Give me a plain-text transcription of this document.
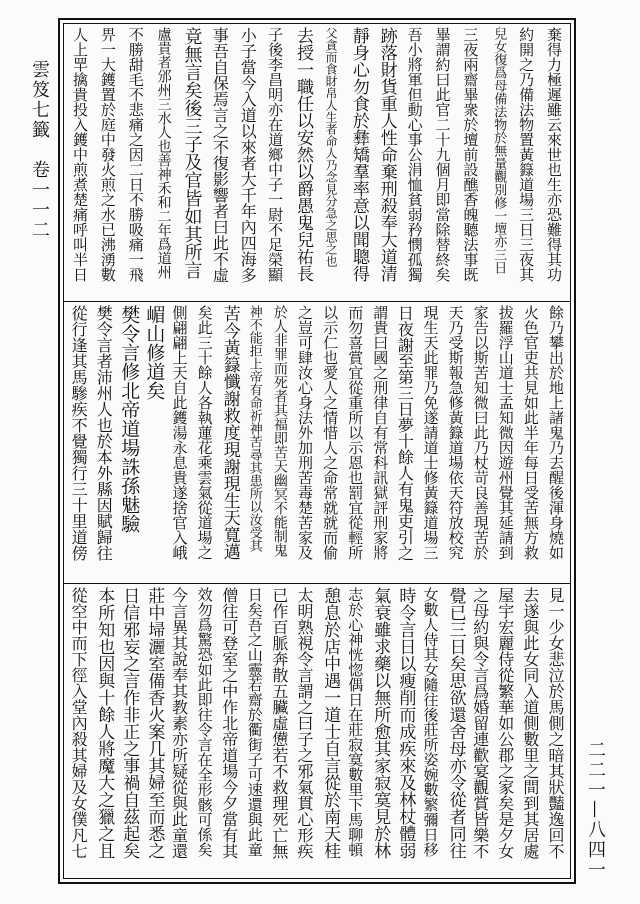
雲笈七籤　卷一一二
二二一—八四一
棄得力極遲雖云來世也生亦恐難得其功
約開之乃備法物置黃籙道場三日三夜其
兒女復爲母備法物於無量觀別修一壇亦三日
三夜兩齋畢衆於壇前設醮香魄聽法事既
畢謂約曰此官二十九個月即當除替終矣
吾小將軍但動心事公涓恤貧弱矜憫孤獨
跡落財貨重人性命棄刑殺奉大道清
靜身心勿食於彝矯羣率意以聞聰得
父貪而食財帛人生者命人乃念見分急之思之也
去授一職任以安然以爵愚鬼兒祐長
子後李昌明亦在道鄉中子一尉不足榮顯
小子當今入道以來者大千年內四海多
事吾自保焉言之不復影響者曰此不虛
竟無言矣後三子及官皆如其所言
盧貴者邠州三水人也善神禾和二年爲道州
不勝甜毛不悲痛之因二日不勝吸痛一飛
畀一大鑊置於庭中發火煎之水已沸湧數
人上䍐擒貴投入鑊中煎煮楚痛呼叫半日
餘乃攀出於地上諸鬼乃去醒後渾身燒如
火色官吏共見如此半年每日受苦無方救
拔羅浮山道士孟知微因遊州覺其延請到
家告以斯苦知微曰此乃杖苛良善現苦於
天乃受斯報急修黃籙道場依天符放校究
現生天此罪乃免遂請道士修黃籙道場三
日夜謝至第三日夢十餘人有鬼吏引之
謂貴曰國之刑律自有常科訊獄評刑家將
而勿喜賞宜從重所以示恩也罰宜從輕所
以示仁也愛人之情惜人之命常就就而偷
之豈可肆汝心身法外加刑苦毒楚苦家及
於人非罪而死者其福即苦天幽冥不能制鬼
神不能拒上帝有命祈神苦尋其患所以汝受其
苦今黃籙懺謝救度現謝現生天寬邁
矣此三十餘人各執蓮花乘雲氣從道場之
側翩翩上天自此鑊湯永息貴遂捨官入峨
嵋山修道矣
樊令言修北帝道場誅孫魅驗
樊令言者沛州人也於本外縣因賦歸往
從行逢其馬驂疾不覺獨行三十里道傍
見一少女悲泣於馬側之暗其狀豔逸回不
去遂與此女同入道側數里之間到其居處
屋宇宏麗侍從繁華如公郡之家矣是夕女
之母約與令言爲婚留連歡宴觀賞皆樂不
覺已三日矣思欲還舍母亦令從者同往
女數人侍其女隨往後莊所姿婉數繁彌日移
時令言日以瘦削而成疾來及林杖體弱
氣衰雖求藥以無所愈其家寂寞見於林
志於心神恍惚偶日在莊寂寞數里下馬聊頓
憩息於店中遇一道士自言從於南天桂
太明熟視令言謂之曰子之邪氣貫心形疾
已作百脈奔散五臟虛憊若不救理死亡無
日矣吾之山靈若齋於衢街子可速還與此童
僧往可登室之中作北帝道場今夕當有其
效勿爲驚恐如此即往令言在全形骸可係矣
今言異其說奉其教素亦所疑從與此童還
莊中埽灑室備香火案几其婦至而悉之
日信邪妄之言作非正之事禍自茲起矣
本所知也因與十餘人將魔大之獵之且
從空中而下徑入堂內殺其婦及女僕凡七
